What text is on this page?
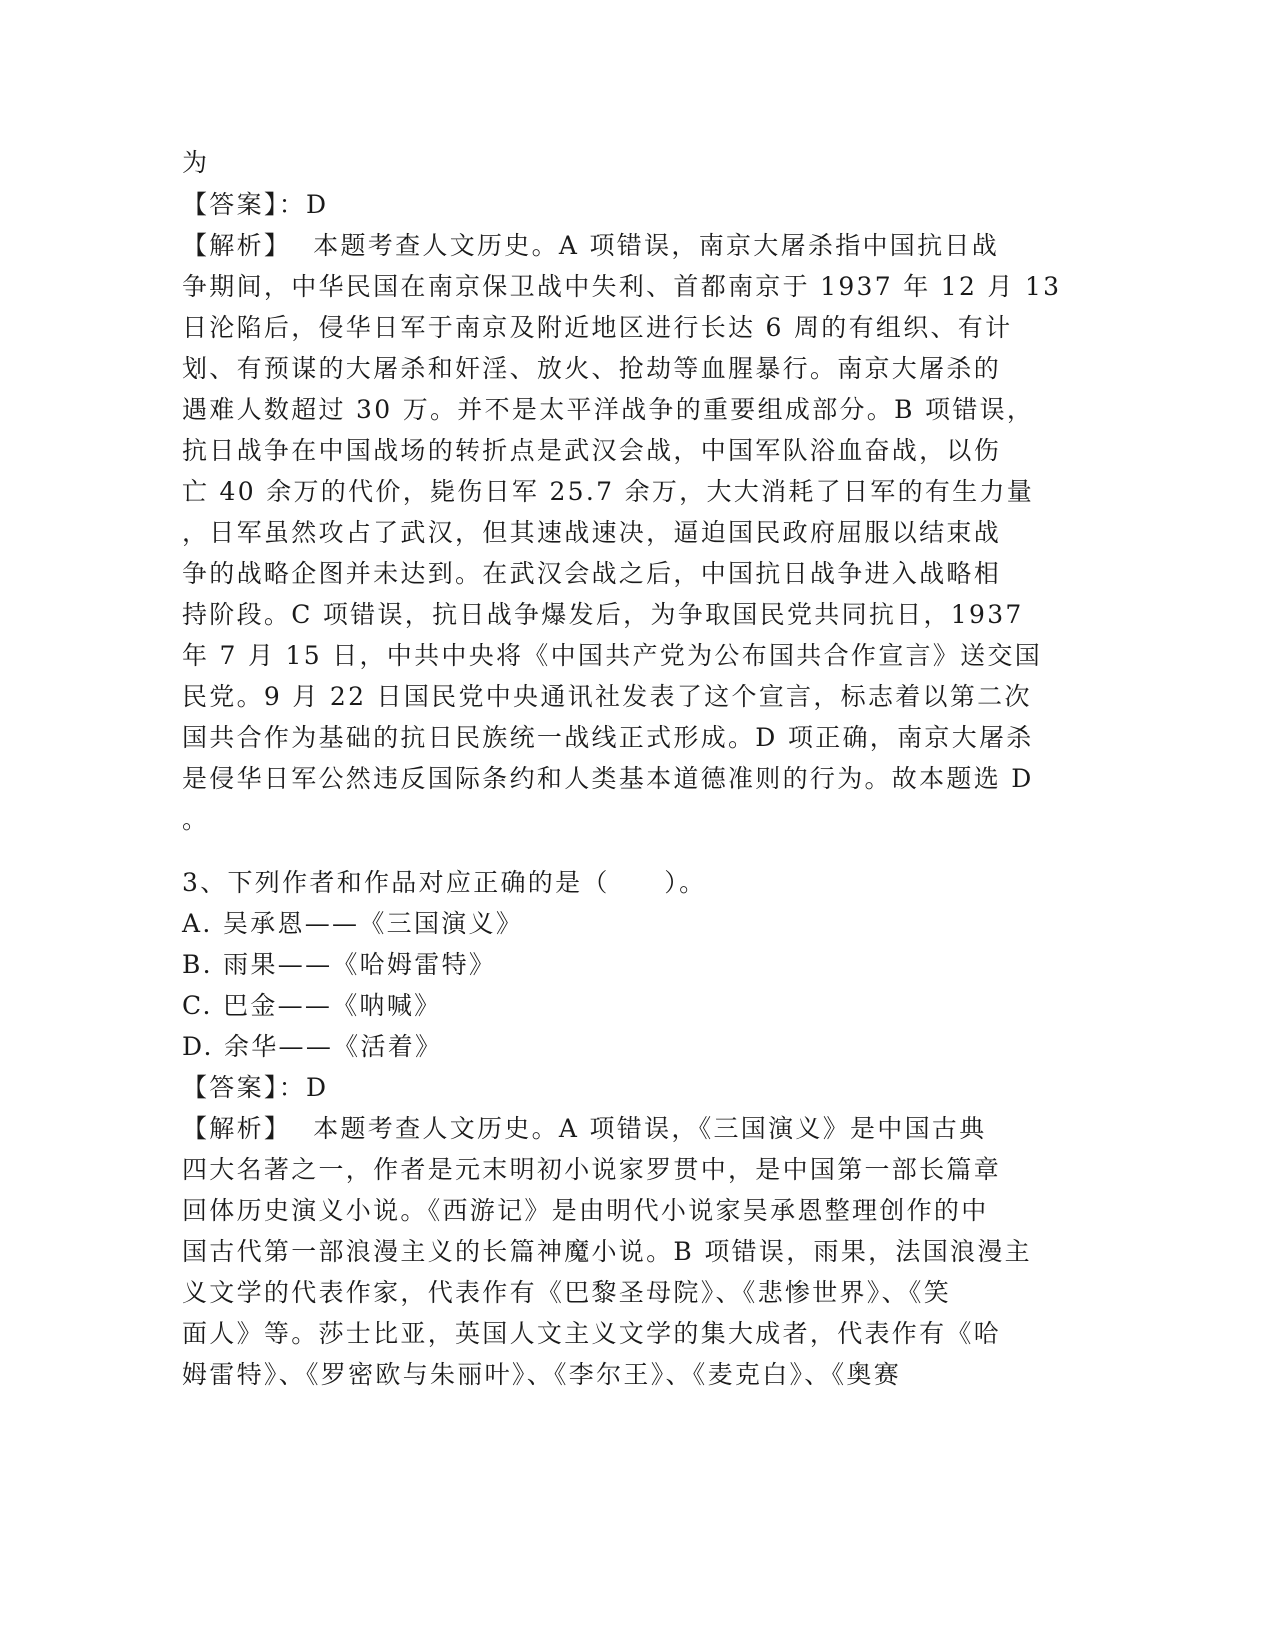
为
【答案】：D
【解析】 本题考查人文历史。A 项错误，南京大屠杀指中国抗日战
争期间，中华民国在南京保卫战中失利、首都南京于 1937 年 12 月 13
日沦陷后，侵华日军于南京及附近地区进行长达 6 周的有组织、有计
划、有预谋的大屠杀和奸淫、放火、抢劫等血腥暴行。南京大屠杀的
遇难人数超过 30 万。并不是太平洋战争的重要组成部分。B 项错误，
抗日战争在中国战场的转折点是武汉会战，中国军队浴血奋战，以伤
亡 40 余万的代价，毙伤日军 25.7 余万，大大消耗了日军的有生力量
，日军虽然攻占了武汉，但其速战速决，逼迫国民政府屈服以结束战
争的战略企图并未达到。在武汉会战之后，中国抗日战争进入战略相
持阶段。C 项错误，抗日战争爆发后，为争取国民党共同抗日，1937
年 7 月 15 日，中共中央将《中国共产党为公布国共合作宣言》送交国
民党。9 月 22 日国民党中央通讯社发表了这个宣言，标志着以第二次
国共合作为基础的抗日民族统一战线正式形成。D 项正确，南京大屠杀
是侵华日军公然违反国际条约和人类基本道德准则的行为。故本题选 D
。
3、下列作者和作品对应正确的是（　　）。
A. 吴承恩——《三国演义》
B. 雨果——《哈姆雷特》
C. 巴金——《呐喊》
D. 余华——《活着》
【答案】：D
【解析】 本题考查人文历史。A 项错误，《三国演义》是中国古典
四大名著之一，作者是元末明初小说家罗贯中，是中国第一部长篇章
回体历史演义小说。《西游记》是由明代小说家吴承恩整理创作的中
国古代第一部浪漫主义的长篇神魔小说。B 项错误，雨果，法国浪漫主
义文学的代表作家，代表作有《巴黎圣母院》、《悲惨世界》、《笑
面人》等。莎士比亚，英国人文主义文学的集大成者，代表作有《哈
姆雷特》、《罗密欧与朱丽叶》、《李尔王》、《麦克白》、《奥赛
